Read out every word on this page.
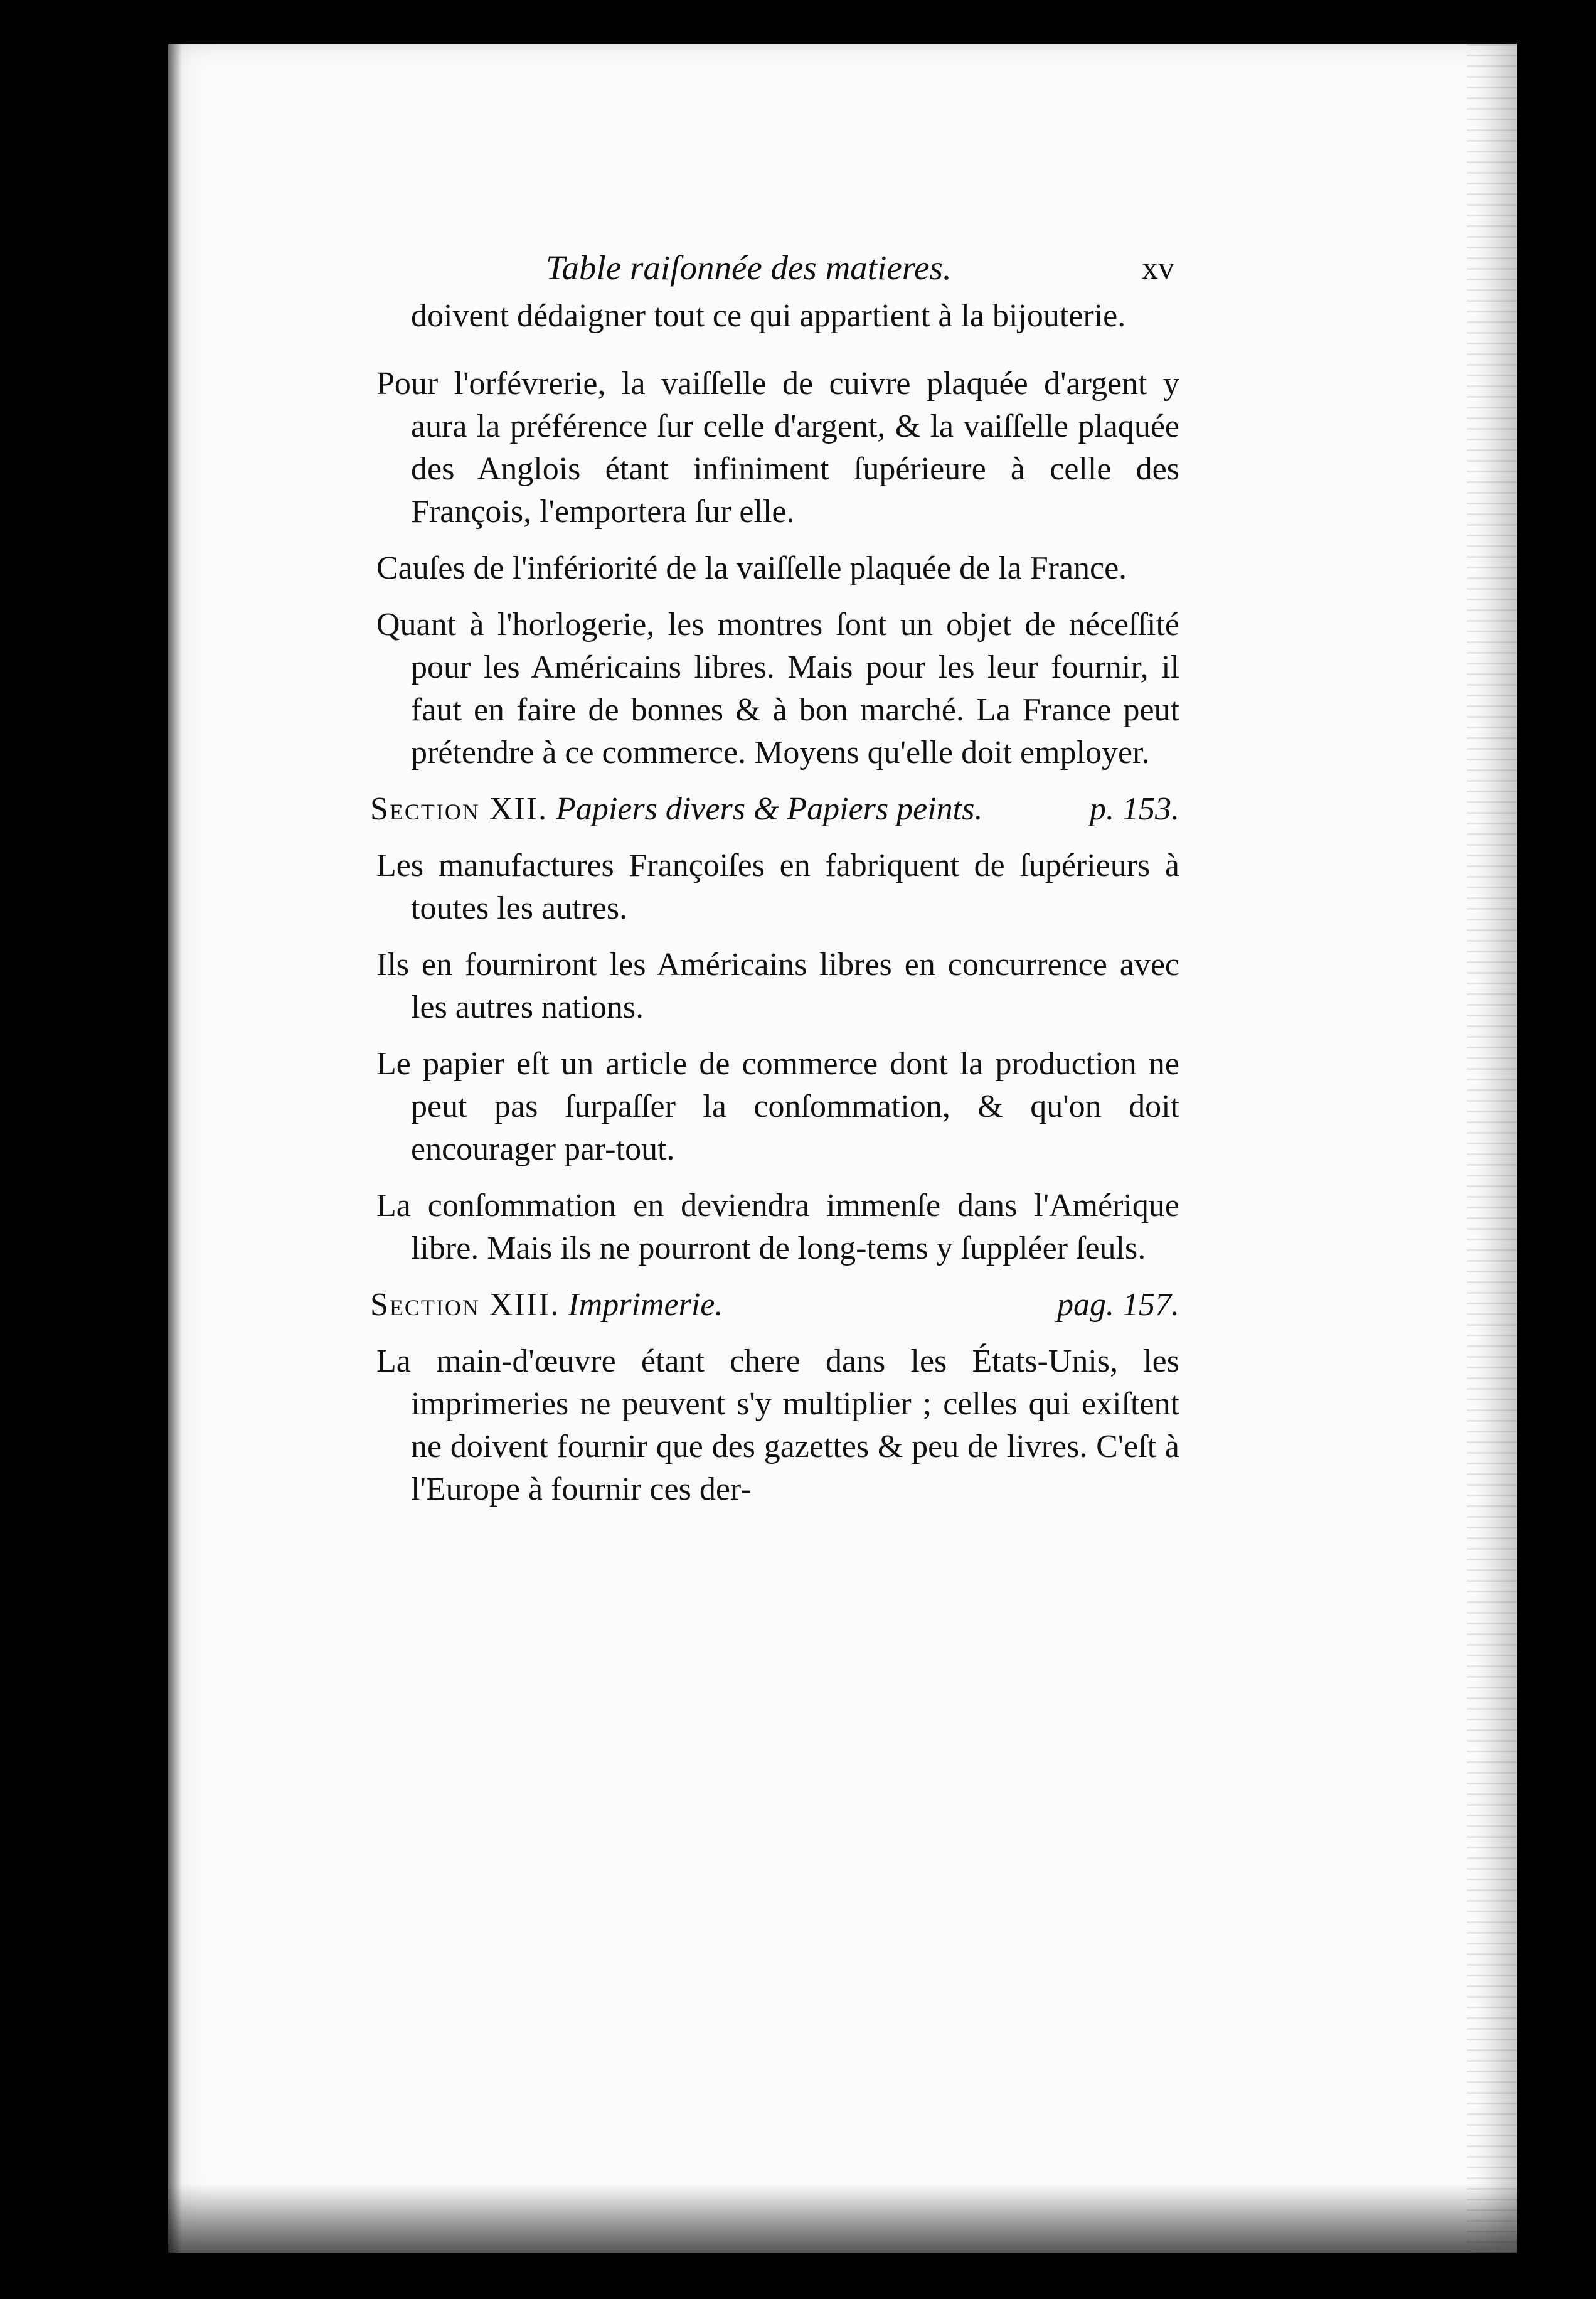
Table raiſonnée des matieres.	xv

doivent dédaigner tout ce qui appartient à la bijouterie.

Pour l'orfévrerie, la vaiſſelle de cuivre plaquée d'argent y aura la préférence ſur celle d'argent, & la vaiſſelle plaquée des Anglois étant infiniment ſupérieure à celle des François, l'emportera ſur elle.

Cauſes de l'infériorité de la vaiſſelle plaquée de la France.

Quant à l'horlogerie, les montres ſont un objet de néceſſité pour les Américains libres. Mais pour les leur fournir, il faut en faire de bonnes & à bon marché. La France peut prétendre à ce commerce. Moyens qu'elle doit employer.

Section XII. Papiers divers & Papiers peints.	p. 153.

Les manufactures Françoiſes en fabriquent de ſupérieurs à toutes les autres.

Ils en fourniront les Américains libres en concurrence avec les autres nations.

Le papier eſt un article de commerce dont la production ne peut pas ſurpaſſer la conſommation, & qu'on doit encourager par-tout.

La conſommation en deviendra immenſe dans l'Amérique libre. Mais ils ne pourront de long-tems y ſuppléer ſeuls.

Section XIII. Imprimerie.	pag. 157.

La main-d'œuvre étant chere dans les États-Unis, les imprimeries ne peuvent s'y multiplier ; celles qui exiſtent ne doivent fournir que des gazettes & peu de livres. C'eſt à l'Europe à fournir ces der-
